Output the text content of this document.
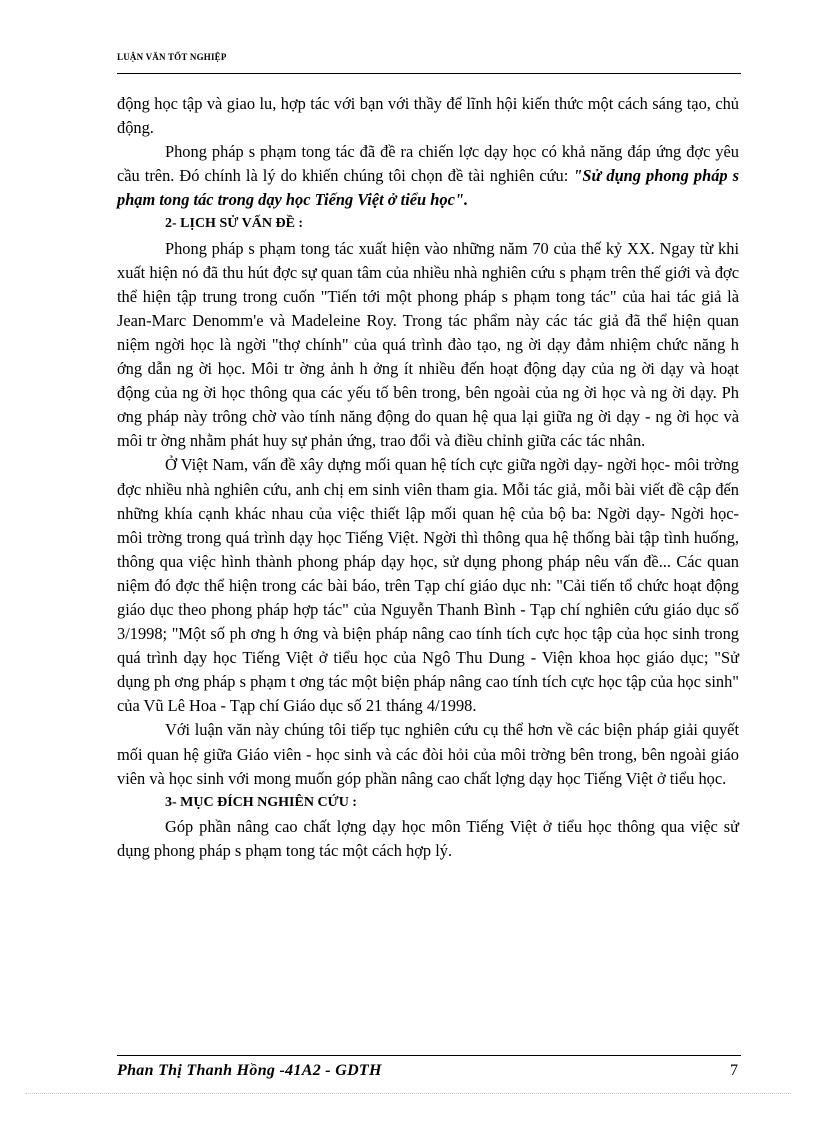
LUẬN VĂN TỐT NGHIỆP

động học tập và giao lu, hợp tác với bạn với thầy để lĩnh hội kiến thức một cách sáng tạo, chủ động.

Phong pháp s phạm tong tác đã đề ra chiến lợc dạy học có khả năng đáp ứng đợc yêu cầu trên. Đó chính là lý do khiến chúng tôi chọn đề tài nghiên cứu: "Sử dụng phong pháp s phạm tong tác trong dạy học Tiếng Việt ở tiểu học".

2- LỊCH SỬ VẤN ĐỀ :

Phong pháp s phạm tong tác xuất hiện vào những năm 70 của thế kỷ XX. Ngay từ khi xuất hiện nó đã thu hút đợc sự quan tâm của nhiều nhà nghiên cứu s phạm trên thế giới và đợc thể hiện tập trung trong cuốn "Tiến tới một phong pháp s phạm tong tác" của hai tác giả là Jean-Marc Denomm'e và Madeleine Roy. Trong tác phẩm này các tác giả đã thể hiện quan niệm ngời học là ngời "thợ chính" của quá trình đào tạo, ng ời dạy đảm nhiệm chức năng h ớng dẫn ng ời học. Môi tr ờng ảnh h ởng ít nhiều đến hoạt động dạy của ng ời dạy và hoạt động của ng ời học thông qua các yếu tố bên trong, bên ngoài của ng ời học và ng ời dạy. Ph ơng pháp này trông chờ vào tính năng động do quan hệ qua lại giữa ng ời dạy - ng ời học và môi tr ờng nhằm phát huy sự phản ứng, trao đổi và điều chỉnh giữa các tác nhân.

Ở Việt Nam, vấn đề xây dựng mối quan hệ tích cực giữa ngời dạy- ngời học- môi trờng đợc nhiều nhà nghiên cứu, anh chị em sinh viên tham gia. Mỗi tác giả, mỗi bài viết đề cập đến những khía cạnh khác nhau của việc thiết lập mối quan hệ của bộ ba: Ngời dạy- Ngời học- môi trờng trong quá trình dạy học Tiếng Việt. Ngời thì thông qua hệ thống bài tập tình huống, thông qua việc hình thành phong pháp dạy học, sử dụng phong pháp nêu vấn đề... Các quan niệm đó đợc thể hiện trong các bài báo, trên Tạp chí giáo dục nh: "Cải tiến tổ chức hoạt động giáo dục theo phong pháp hợp tác" của Nguyễn Thanh Bình - Tạp chí nghiên cứu giáo dục số 3/1998; "Một số ph ơng h ớng và biện pháp nâng cao tính tích cực học tập của học sinh trong quá trình dạy học Tiếng Việt ở tiểu học của Ngô Thu Dung - Viện khoa học giáo dục; "Sử dụng ph ơng pháp s phạm t ơng tác một biện pháp nâng cao tính tích cực học tập của học sinh" của Vũ Lê Hoa - Tạp chí Giáo dục số 21 tháng 4/1998.

Với luận văn này chúng tôi tiếp tục nghiên cứu cụ thể hơn về các biện pháp giải quyết mối quan hệ giữa Giáo viên - học sinh và các đòi hỏi của môi trờng bên trong, bên ngoài giáo viên và học sinh với mong muốn góp phần nâng cao chất lợng dạy học Tiếng Việt ở tiểu học.

3- MỤC ĐÍCH NGHIÊN CỨU :

Góp phần nâng cao chất lợng dạy học môn Tiếng Việt ở tiểu học thông qua việc sử dụng phong pháp s phạm tong tác một cách hợp lý.

Phan Thị Thanh Hồng -41A2 - GDTH	7
